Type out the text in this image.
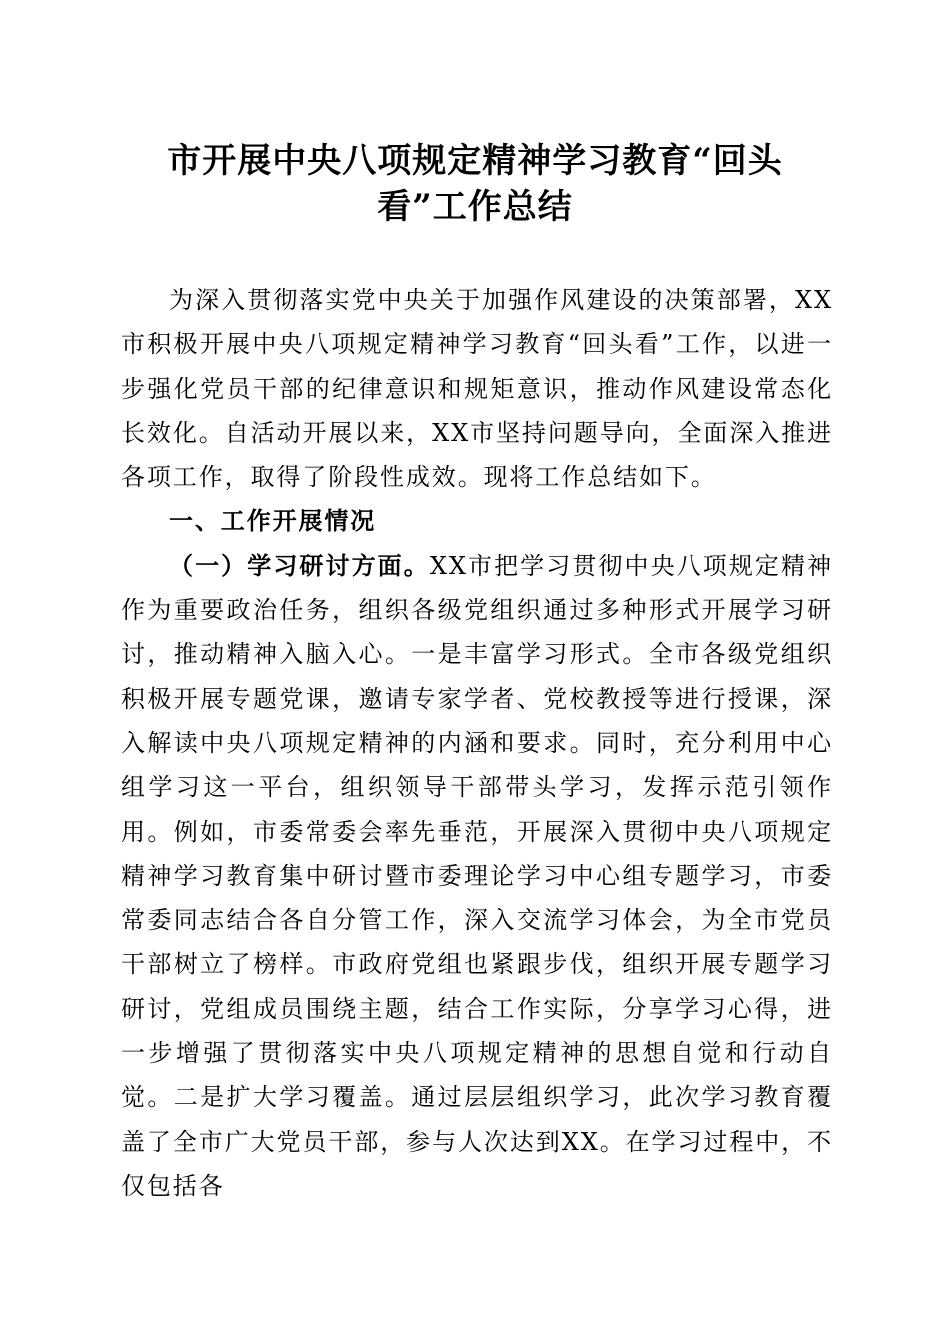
市开展中央八项规定精神学习教育“回头
看”工作总结

为深入贯彻落实党中央关于加强作风建设的决策部署，XX市积极开展中央八项规定精神学习教育“回头看”工作，以进一步强化党员干部的纪律意识和规矩意识，推动作风建设常态化长效化。自活动开展以来，XX市坚持问题导向，全面深入推进各项工作，取得了阶段性成效。现将工作总结如下。

一、工作开展情况

（一）学习研讨方面。XX市把学习贯彻中央八项规定精神作为重要政治任务，组织各级党组织通过多种形式开展学习研讨，推动精神入脑入心。一是丰富学习形式。全市各级党组织积极开展专题党课，邀请专家学者、党校教授等进行授课，深入解读中央八项规定精神的内涵和要求。同时，充分利用中心组学习这一平台，组织领导干部带头学习，发挥示范引领作用。例如，市委常委会率先垂范，开展深入贯彻中央八项规定精神学习教育集中研讨暨市委理论学习中心组专题学习，市委常委同志结合各自分管工作，深入交流学习体会，为全市党员干部树立了榜样。市政府党组也紧跟步伐，组织开展专题学习研讨，党组成员围绕主题，结合工作实际，分享学习心得，进一步增强了贯彻落实中央八项规定精神的思想自觉和行动自觉。二是扩大学习覆盖。通过层层组织学习，此次学习教育覆盖了全市广大党员干部，参与人次达到XX。在学习过程中，不仅包括各
